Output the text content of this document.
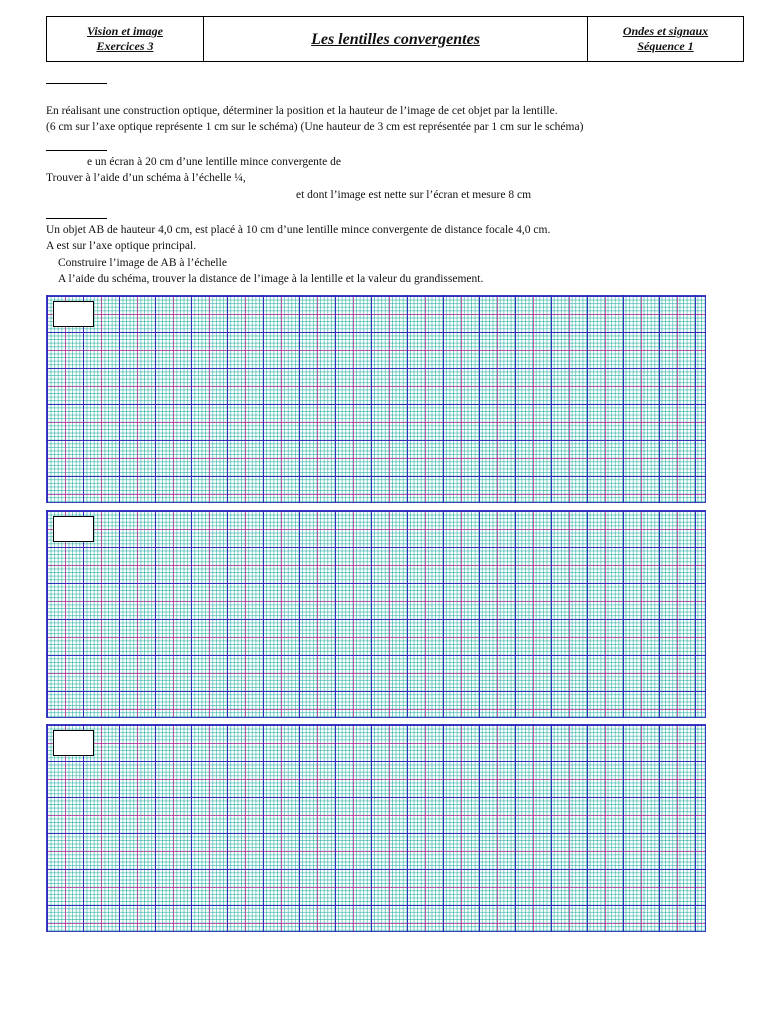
Vision et image
Exercices 3	Les lentilles convergentes	Ondes et signaux
Séquence 1
En réalisant une construction optique, déterminer la position et la hauteur de l’image de cet objet par la lentille.
(6 cm sur l’axe optique représente 1 cm sur le schéma) (Une hauteur de 3 cm est représentée par 1 cm sur le schéma)
e un écran à 20 cm d’une lentille mince convergente de
Trouver à l’aide d’un schéma à l’échelle ¼,
et dont l’image est nette sur l’écran et mesure 8 cm
Un objet AB de hauteur 4,0 cm, est placé à 10 cm d’une lentille mince convergente de distance focale 4,0 cm.
A est sur l’axe optique principal.
Construire l’image de AB à l’échelle
A l’aide du schéma, trouver la distance de l’image à la lentille et la valeur du grandissement.
